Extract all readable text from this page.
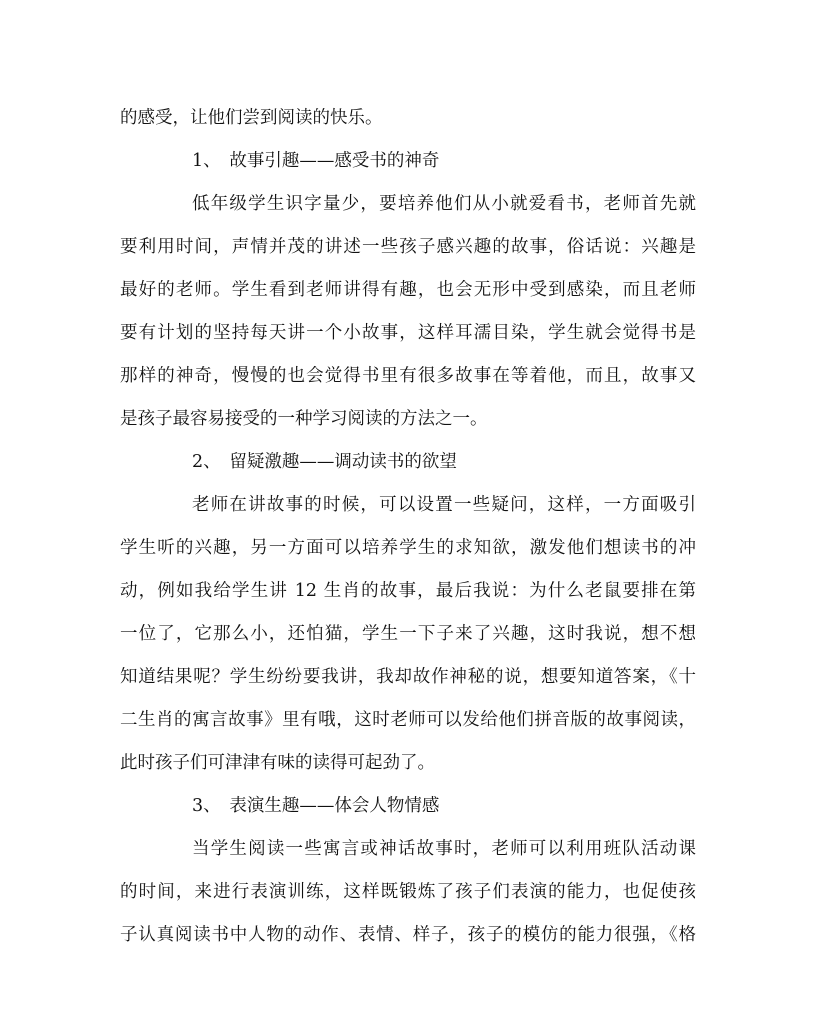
的感受，让他们尝到阅读的快乐。
1、　故事引趣——感受书的神奇
低年级学生识字量少，要培养他们从小就爱看书，老师首先就
要利用时间，声情并茂的讲述一些孩子感兴趣的故事，俗话说：兴趣是
最好的老师。学生看到老师讲得有趣，也会无形中受到感染，而且老师
要有计划的坚持每天讲一个小故事，这样耳濡目染，学生就会觉得书是
那样的神奇，慢慢的也会觉得书里有很多故事在等着他，而且，故事又
是孩子最容易接受的一种学习阅读的方法之一。
2、　留疑激趣——调动读书的欲望
老师在讲故事的时候，可以设置一些疑问，这样，一方面吸引
学生听的兴趣，另一方面可以培养学生的求知欲，激发他们想读书的冲
动，例如我给学生讲 12 生肖的故事，最后我说：为什么老鼠要排在第
一位了，它那么小，还怕猫，学生一下子来了兴趣，这时我说，想不想
知道结果呢？学生纷纷要我讲，我却故作神秘的说，想要知道答案，《十
二生肖的寓言故事》里有哦，这时老师可以发给他们拼音版的故事阅读，
此时孩子们可津津有味的读得可起劲了。
3、　表演生趣——体会人物情感
当学生阅读一些寓言或神话故事时，老师可以利用班队活动课
的时间，来进行表演训练，这样既锻炼了孩子们表演的能力，也促使孩
子认真阅读书中人物的动作、表情、样子，孩子的模仿的能力很强，《格
